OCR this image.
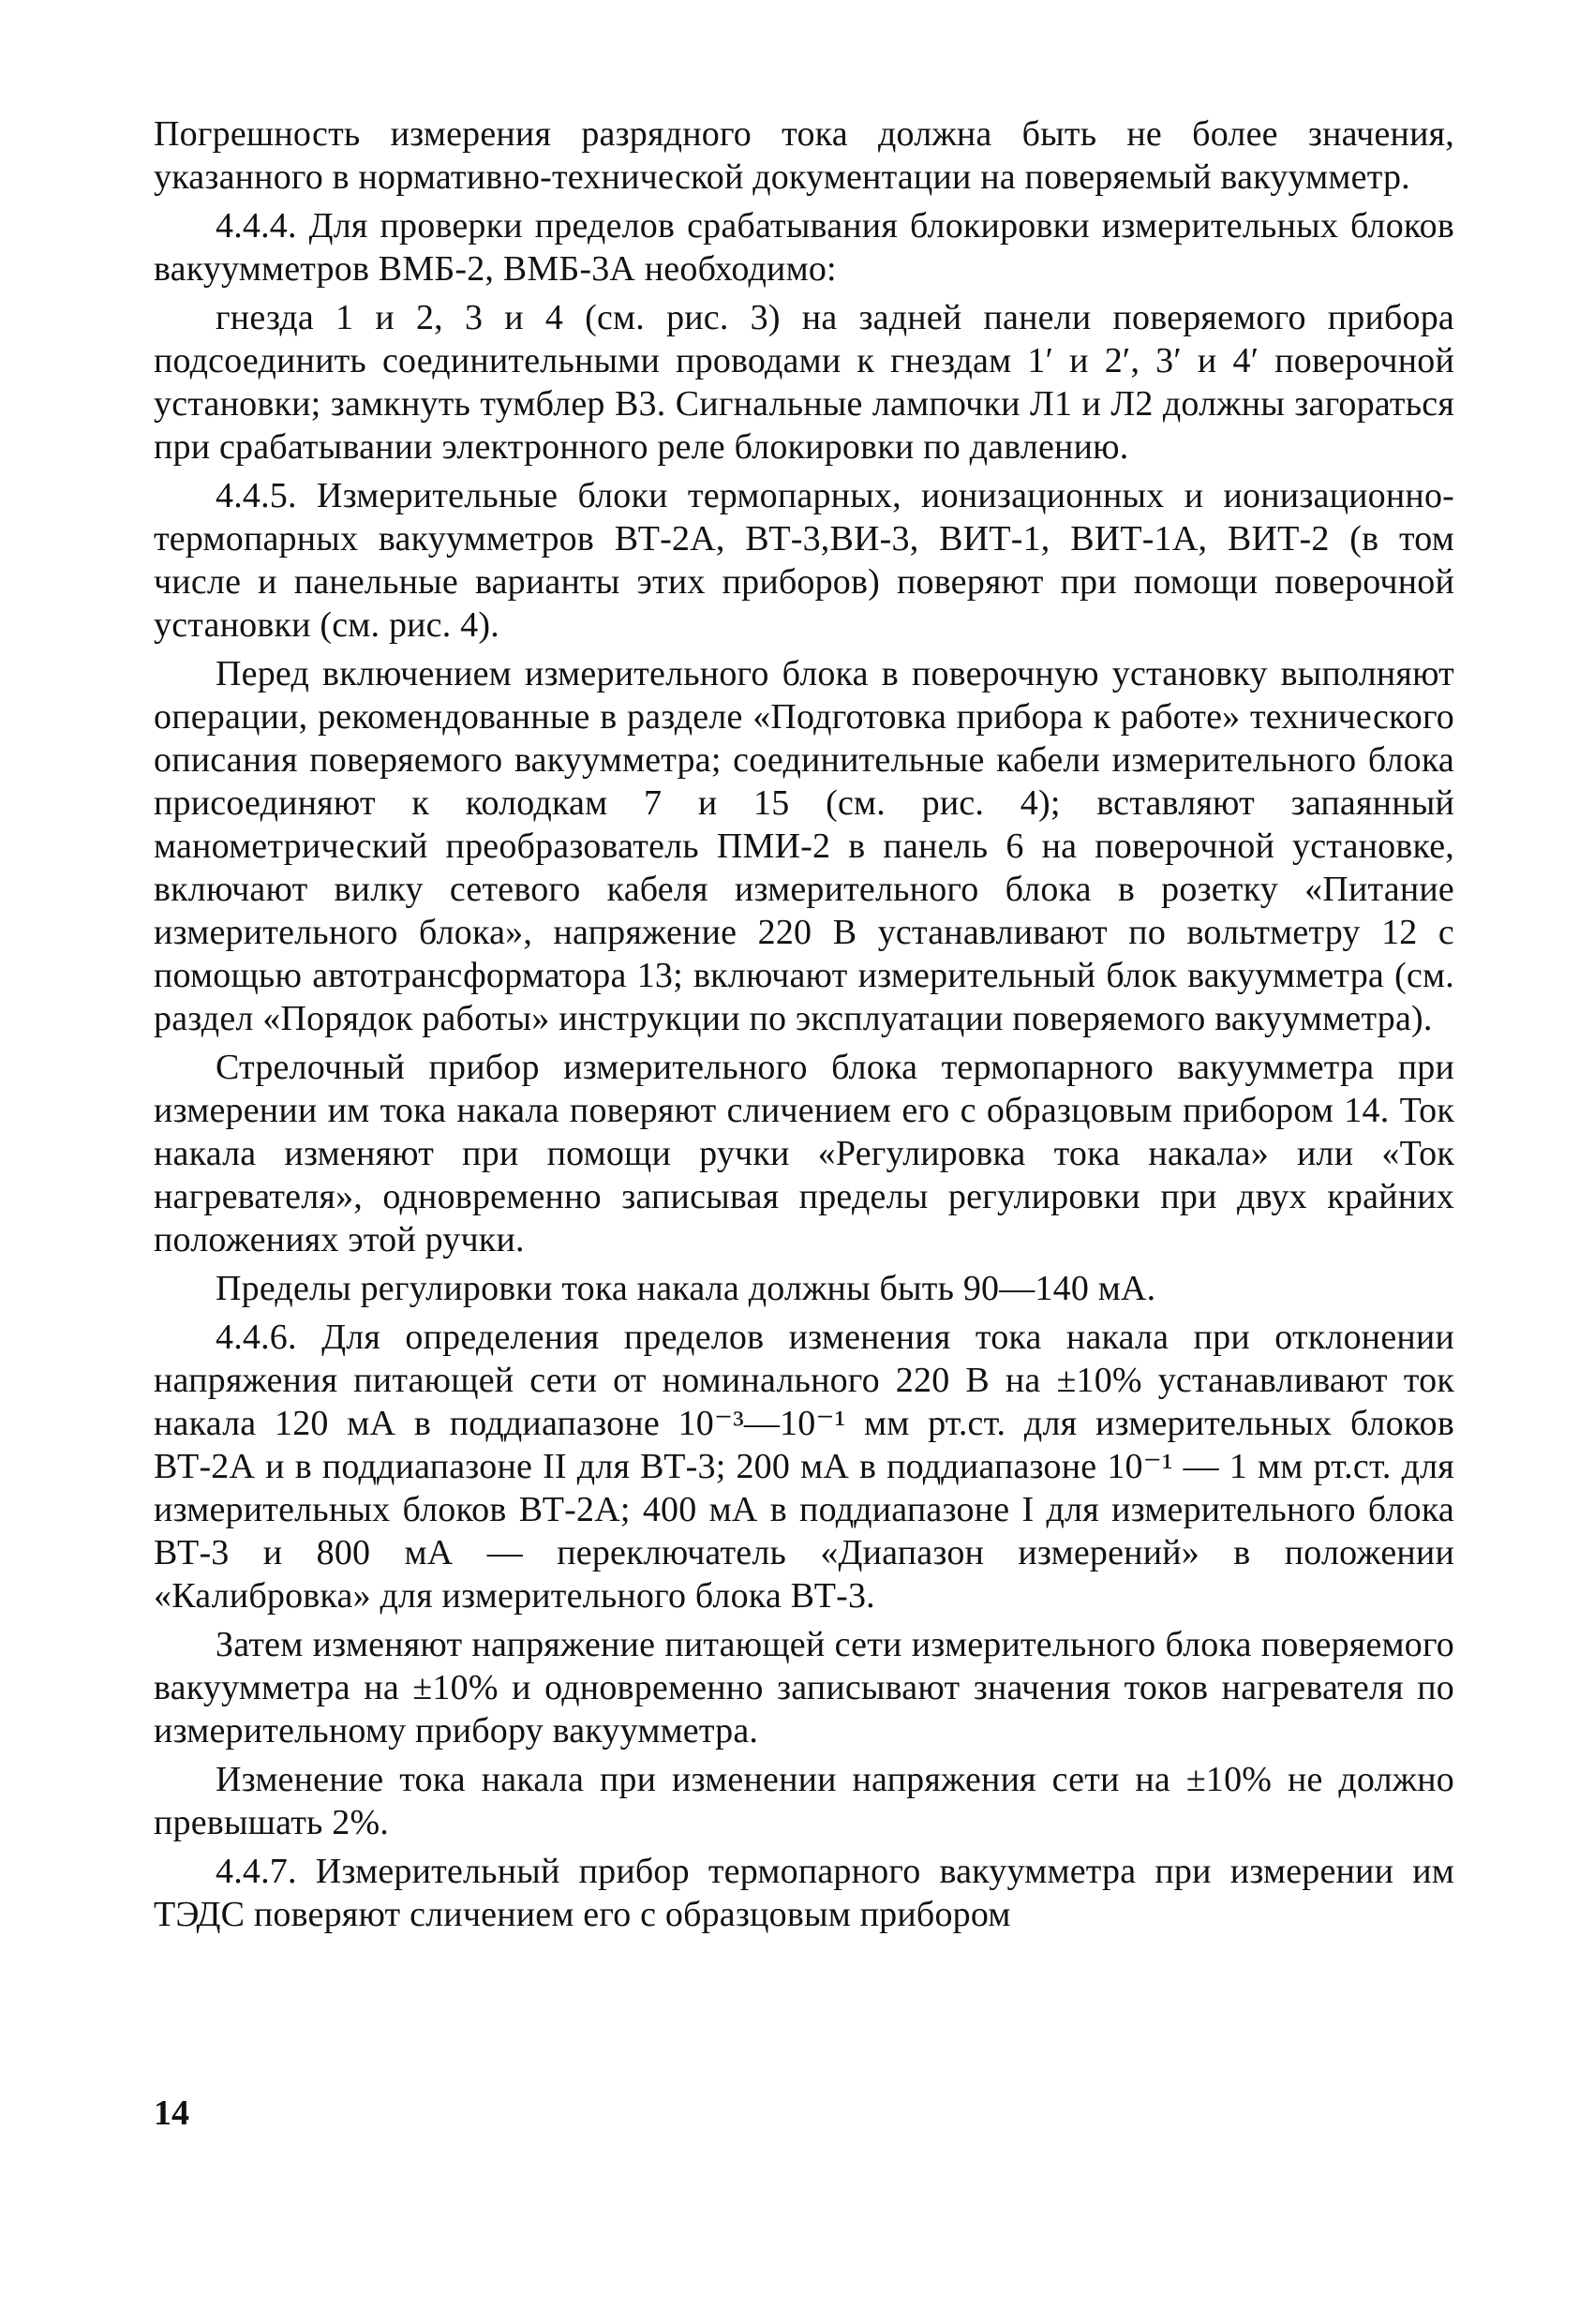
Погрешность измерения разрядного тока должна быть не более значения, указанного в нормативно-технической документации на поверяемый вакуумметр.

4.4.4. Для проверки пределов срабатывания блокировки измерительных блоков вакуумметров ВМБ-2, ВМБ-3А необходимо:

гнезда 1 и 2, 3 и 4 (см. рис. 3) на задней панели поверяемого прибора подсоединить соединительными проводами к гнездам 1′ и 2′, 3′ и 4′ поверочной установки; замкнуть тумблер В3. Сигнальные лампочки Л1 и Л2 должны загораться при срабатывании электронного реле блокировки по давлению.

4.4.5. Измерительные блоки термопарных, ионизационных и ионизационно-термопарных вакуумметров ВТ-2А, ВТ-3,ВИ-3, ВИТ-1, ВИТ-1А, ВИТ-2 (в том числе и панельные варианты этих приборов) поверяют при помощи поверочной установки (см. рис. 4).

Перед включением измерительного блока в поверочную установку выполняют операции, рекомендованные в разделе «Подготовка прибора к работе» технического описания поверяемого вакуумметра; соединительные кабели измерительного блока присоединяют к колодкам 7 и 15 (см. рис. 4); вставляют запаянный манометрический преобразователь ПМИ-2 в панель 6 на поверочной установке, включают вилку сетевого кабеля измерительного блока в розетку «Питание измерительного блока», напряжение 220 В устанавливают по вольтметру 12 с помощью автотрансформатора 13; включают измерительный блок вакуумметра (см. раздел «Порядок работы» инструкции по эксплуатации поверяемого вакуумметра).

Стрелочный прибор измерительного блока термопарного вакуумметра при измерении им тока накала поверяют сличением его с образцовым прибором 14. Ток накала изменяют при помощи ручки «Регулировка тока накала» или «Ток нагревателя», одновременно записывая пределы регулировки при двух крайних положениях этой ручки.

Пределы регулировки тока накала должны быть 90—140 мА.

4.4.6. Для определения пределов изменения тока накала при отклонении напряжения питающей сети от номинального 220 В на ±10% устанавливают ток накала 120 мА в поддиапазоне 10⁻³—10⁻¹ мм рт.ст. для измерительных блоков ВТ-2А и в поддиапазоне II для ВТ-3; 200 мА в поддиапазоне 10⁻¹ — 1 мм рт.ст. для измерительных блоков ВТ-2А; 400 мА в поддиапазоне I для измерительного блока ВТ-3 и 800 мА — переключатель «Диапазон измерений» в положении «Калибровка» для измерительного блока ВТ-3.

Затем изменяют напряжение питающей сети измерительного блока поверяемого вакуумметра на ±10% и одновременно записывают значения токов нагревателя по измерительному прибору вакуумметра.

Изменение тока накала при изменении напряжения сети на ±10% не должно превышать 2%.

4.4.7. Измерительный прибор термопарного вакуумметра при измерении им ТЭДС поверяют сличением его с образцовым прибором

14
